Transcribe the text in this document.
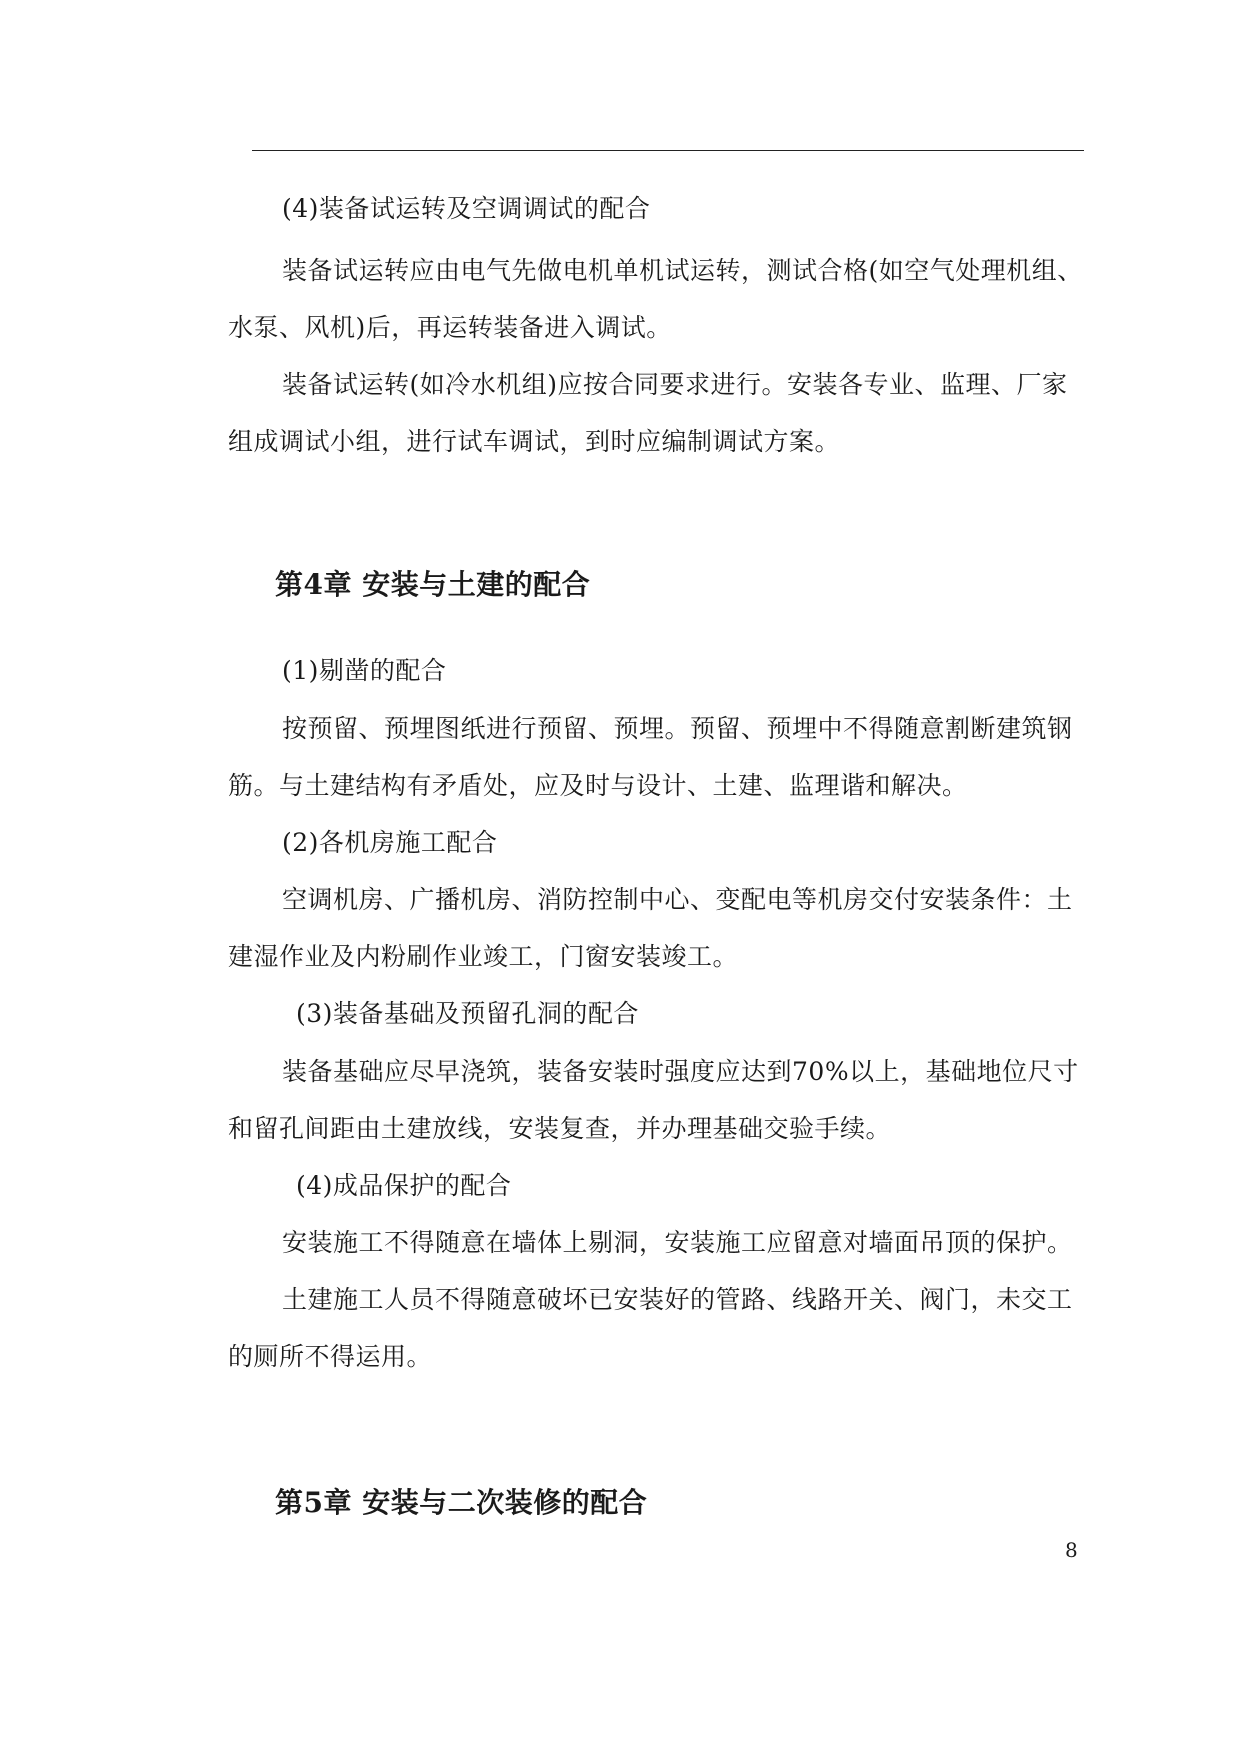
(4)装备试运转及空调调试的配合
装备试运转应由电气先做电机单机试运转，测试合格(如空气处理机组、
水泵、风机)后，再运转装备进入调试。
装备试运转(如冷水机组)应按合同要求进行。安装各专业、监理、厂家
组成调试小组，进行试车调试，到时应编制调试方案。
第4章 安装与土建的配合
(1)剔凿的配合
按预留、预埋图纸进行预留、预埋。预留、预埋中不得随意割断建筑钢
筋。与土建结构有矛盾处，应及时与设计、土建、监理谐和解决。
(2)各机房施工配合
空调机房、广播机房、消防控制中心、变配电等机房交付安装条件：土
建湿作业及内粉刷作业竣工，门窗安装竣工。
(3)装备基础及预留孔洞的配合
装备基础应尽早浇筑，装备安装时强度应达到70%以上，基础地位尺寸
和留孔间距由土建放线，安装复查，并办理基础交验手续。
(4)成品保护的配合
安装施工不得随意在墙体上剔洞，安装施工应留意对墙面吊顶的保护。
土建施工人员不得随意破坏已安装好的管路、线路开关、阀门，未交工
的厕所不得运用。
第5章 安装与二次装修的配合
8
